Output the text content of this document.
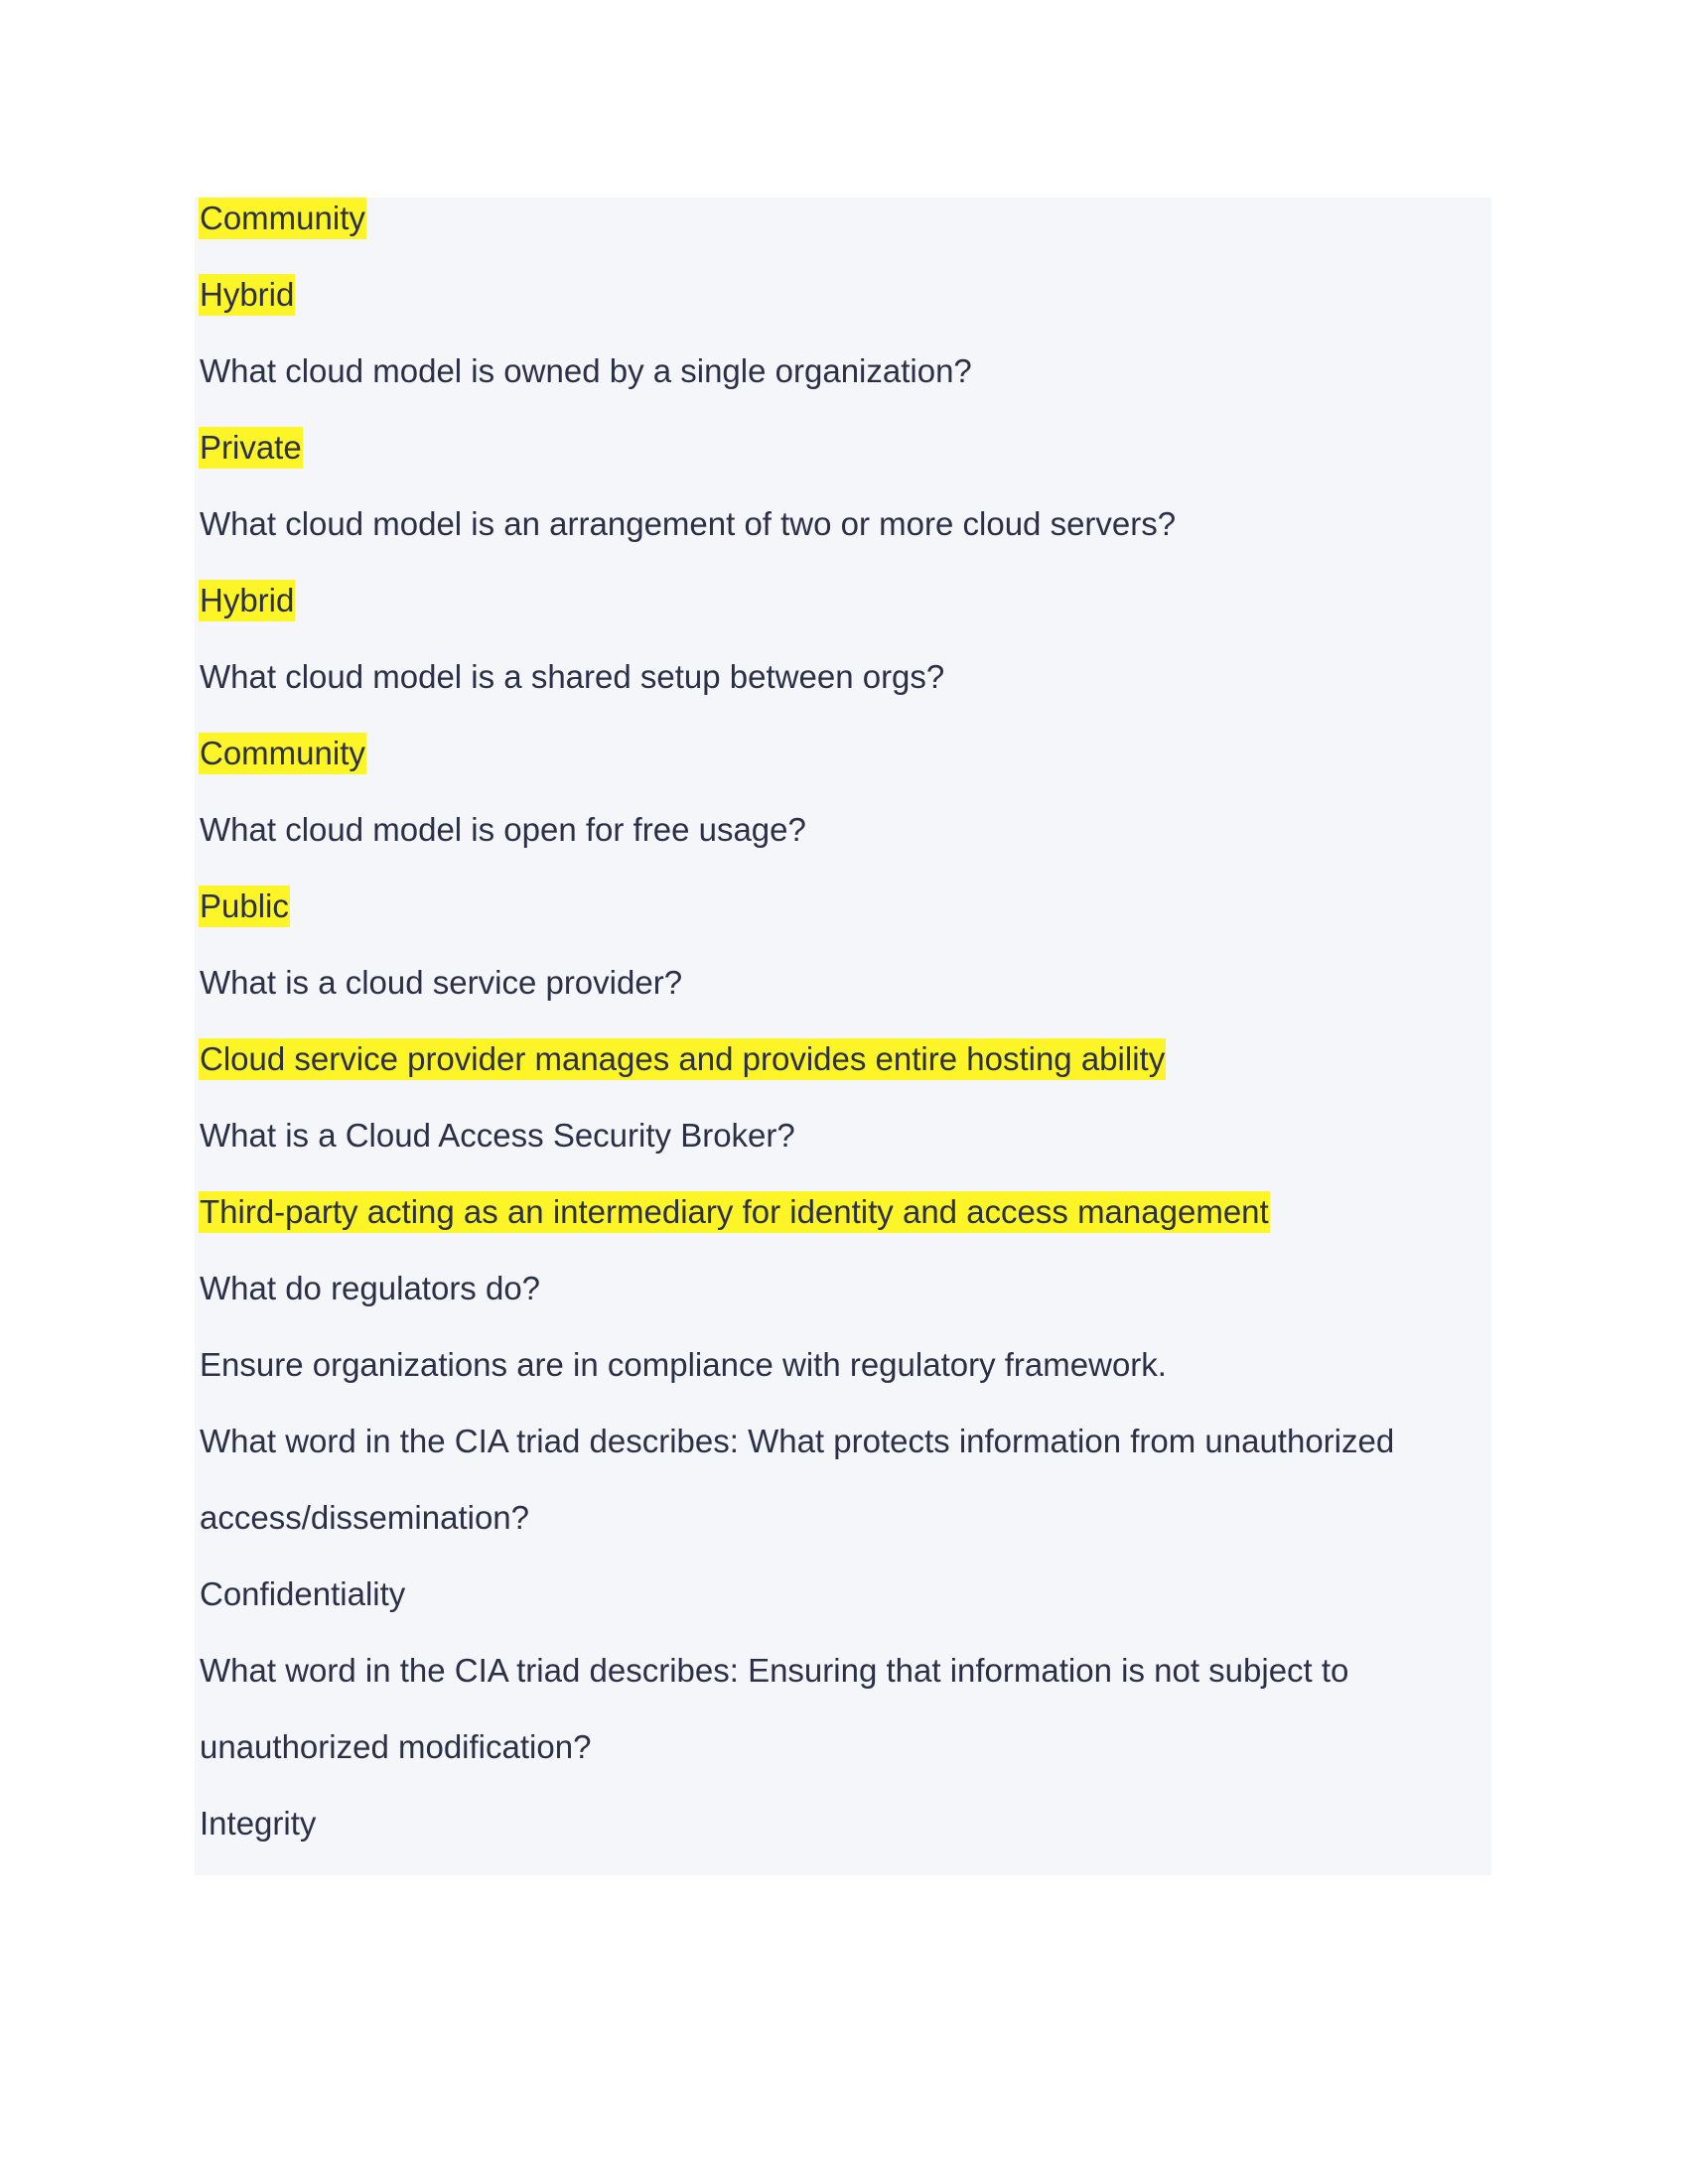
Community
Hybrid
What cloud model is owned by a single organization?
Private
What cloud model is an arrangement of two or more cloud servers?
Hybrid
What cloud model is a shared setup between orgs?
Community
What cloud model is open for free usage?
Public
What is a cloud service provider?
Cloud service provider manages and provides entire hosting ability
What is a Cloud Access Security Broker?
Third-party acting as an intermediary for identity and access management
What do regulators do?
Ensure organizations are in compliance with regulatory framework.
What word in the CIA triad describes: What protects information from unauthorized
access/dissemination?
Confidentiality
What word in the CIA triad describes: Ensuring that information is not subject to
unauthorized modification?
Integrity
